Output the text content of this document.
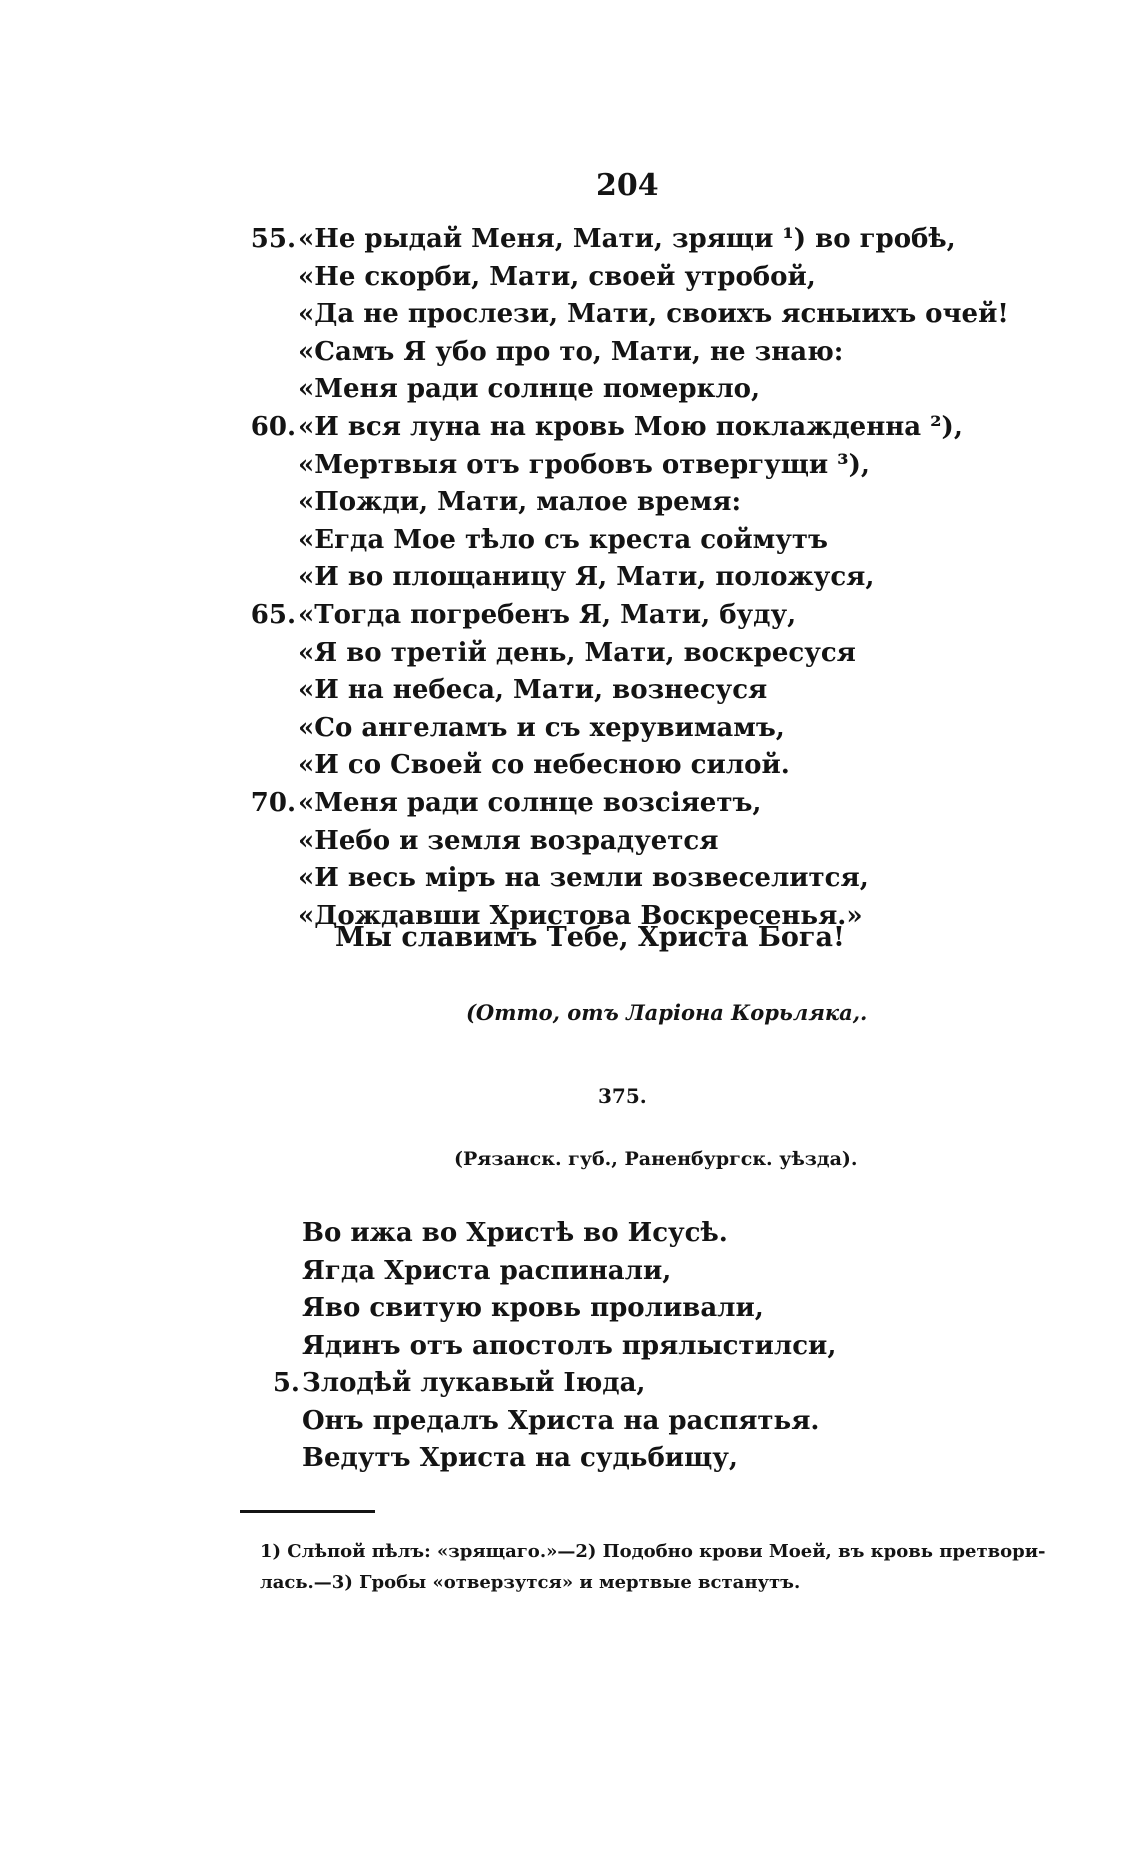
204
55. «Не рыдай Меня, Мати, зрящи ¹) во гробѣ,
«Не скорби, Мати, своей утробой,
«Да не прослези, Мати, своихъ ясныихъ очей!
«Самъ Я убо про то, Мати, не знаю:
«Меня ради солнце померкло,
60. «И вся луна на кровь Мою поклажденна ²),
«Мертвыя отъ гробовъ отвергущи ³),
«Пожди, Мати, малое время:
«Егда Мое тѣло съ креста соймутъ
«И во площаницу Я, Мати, положуся,
65. «Тогда погребенъ Я, Мати, буду,
«Я во третій день, Мати, воскресуся
«И на небеса, Мати, вознесуся
«Со ангеламъ и съ херувимамъ,
«И со Своей со небесною силой.
70. «Меня ради солнце возсіяетъ,
«Небо и земля возрадуется
«И весь міръ на земли возвеселится,
«Дождавши Христова Воскресенья.»
Мы славимъ Тебе, Христа Бога!
(Отто, отъ Ларіона Корьляка,.
375.
(Рязанск. губ., Раненбургск. уѣзда).
Во ижа во Христѣ во Исусѣ.
Ягда Христа распинали,
Яво свитую кровь проливали,
Ядинъ отъ апостолъ прялыстилси,
5. Злодѣй лукавый Іюда,
Онъ предалъ Христа на распятья.
Ведутъ Христа на судьбищу,
1) Слѣпой пѣлъ: «зрящаго.»—2) Подобно крови Моей, въ кровь претвори-
лась.—3) Гробы «отверзутся» и мертвые встанутъ.
